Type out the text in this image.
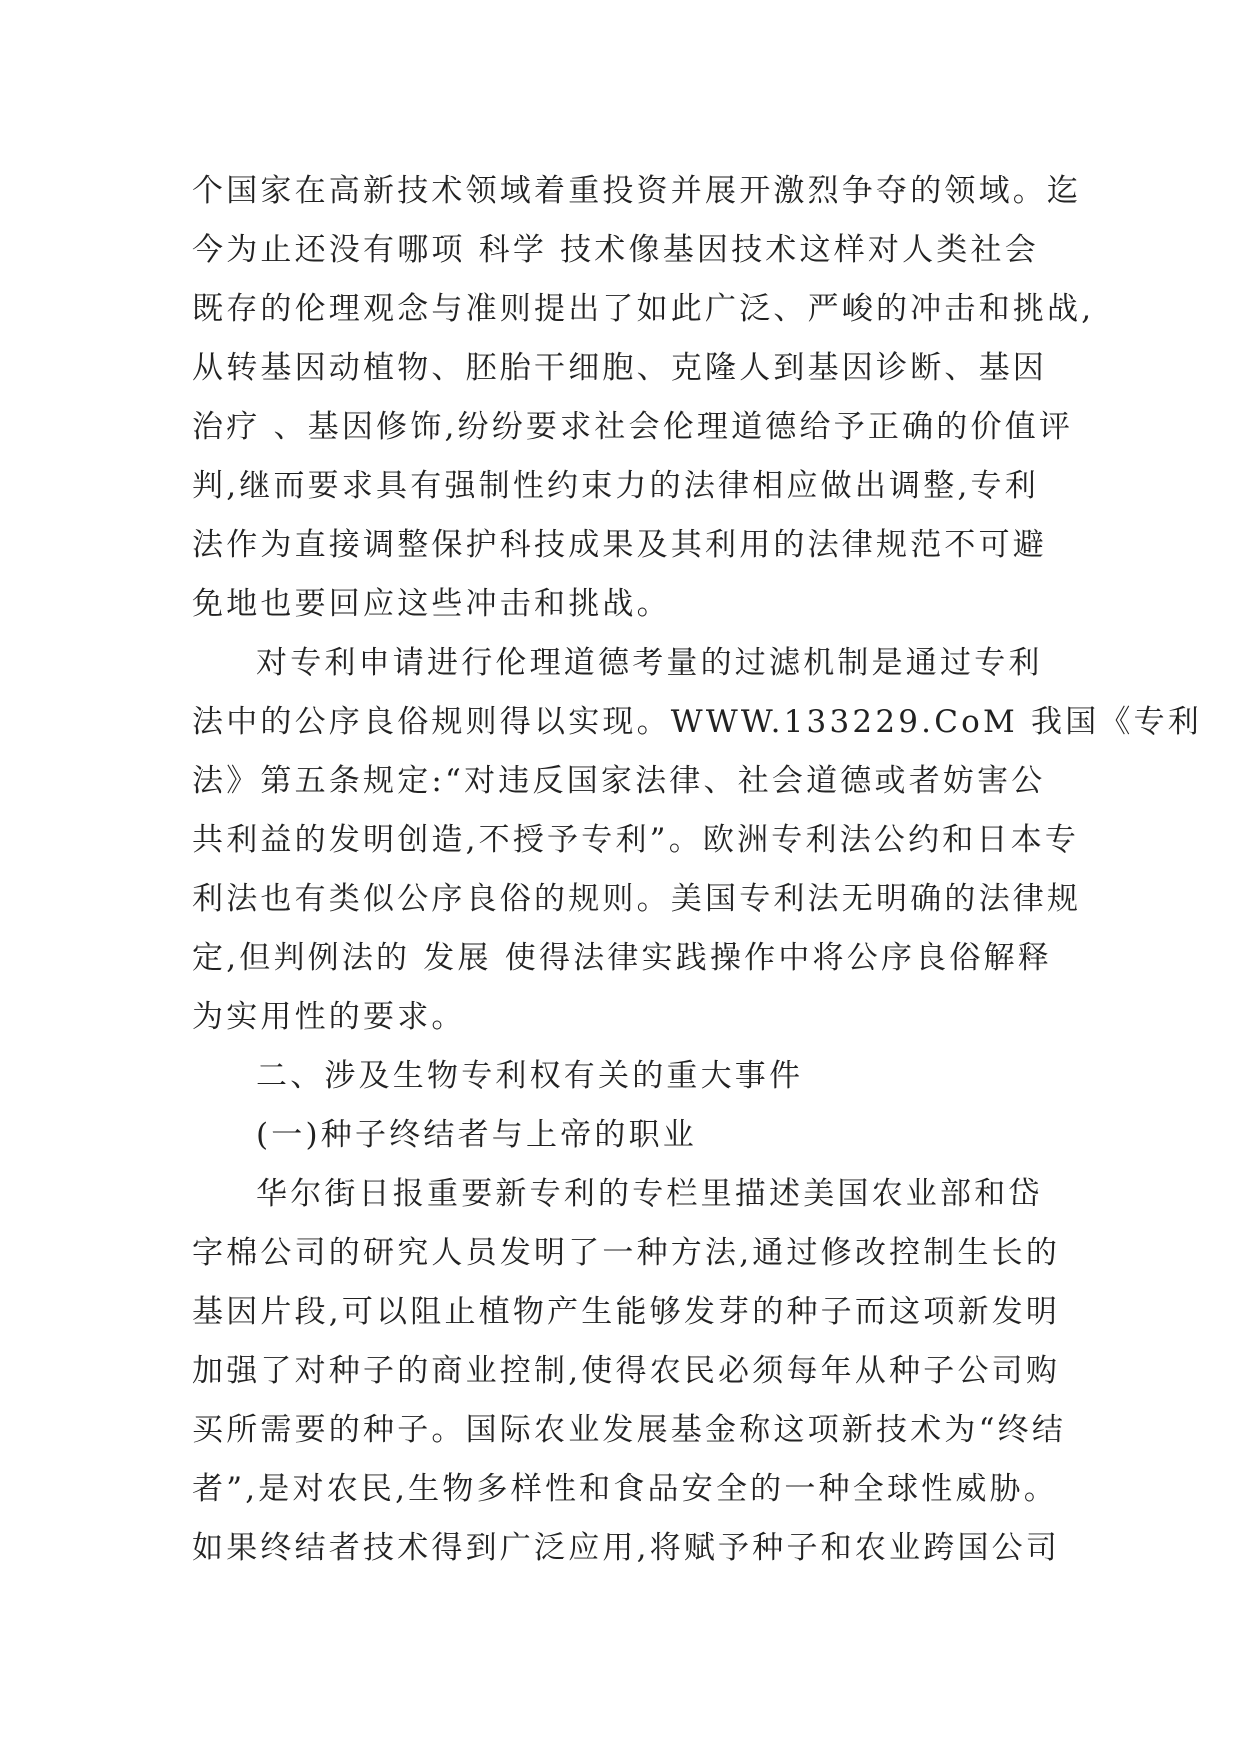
个国家在高新技术领域着重投资并展开激烈争夺的领域。迄
今为止还没有哪项 科学 技术像基因技术这样对人类社会
既存的伦理观念与准则提出了如此广泛、严峻的冲击和挑战,
从转基因动植物、胚胎干细胞、克隆人到基因诊断、基因
治疗 、基因修饰,纷纷要求社会伦理道德给予正确的价值评
判,继而要求具有强制性约束力的法律相应做出调整,专利
法作为直接调整保护科技成果及其利用的法律规范不可避
免地也要回应这些冲击和挑战。
对专利申请进行伦理道德考量的过滤机制是通过专利
法中的公序良俗规则得以实现。WWW.133229.CoM 我国《专利
法》第五条规定:“对违反国家法律、社会道德或者妨害公
共利益的发明创造,不授予专利”。欧洲专利法公约和日本专
利法也有类似公序良俗的规则。美国专利法无明确的法律规
定,但判例法的 发展 使得法律实践操作中将公序良俗解释
为实用性的要求。
二、涉及生物专利权有关的重大事件
(一)种子终结者与上帝的职业
华尔街日报重要新专利的专栏里描述美国农业部和岱
字棉公司的研究人员发明了一种方法,通过修改控制生长的
基因片段,可以阻止植物产生能够发芽的种子而这项新发明
加强了对种子的商业控制,使得农民必须每年从种子公司购
买所需要的种子。国际农业发展基金称这项新技术为“终结
者”,是对农民,生物多样性和食品安全的一种全球性威胁。
如果终结者技术得到广泛应用,将赋予种子和农业跨国公司
